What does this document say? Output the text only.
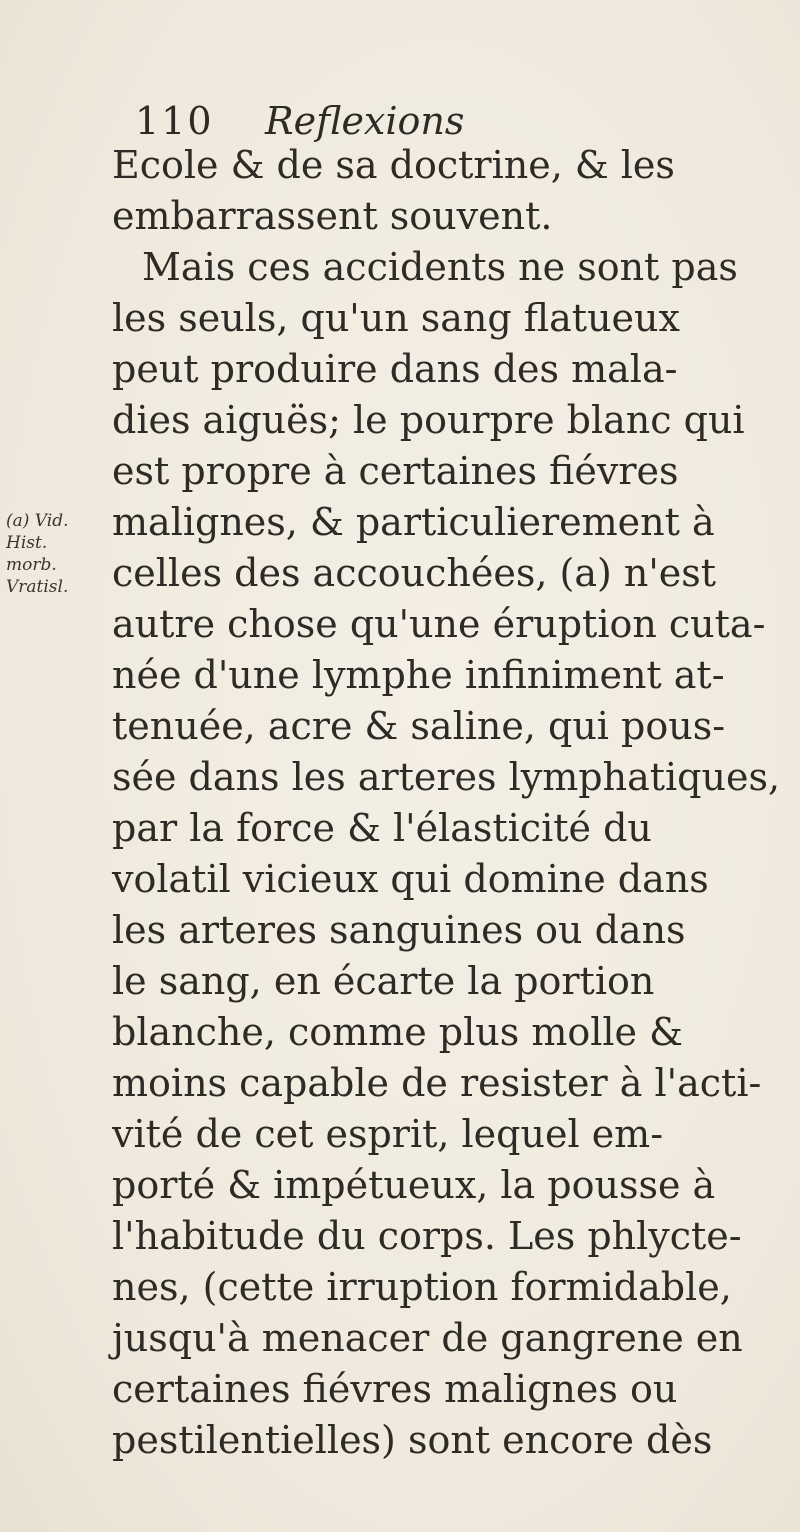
110 Reflexions
(a) Vid.
Hist.
morb.
Vratisl.
Ecole & de sa doctrine, & les
embarrassent souvent.
Mais ces accidents ne sont pas
les seuls, qu'un sang flatueux
peut produire dans des mala-
dies aiguës; le pourpre blanc qui
est propre à certaines fiévres
malignes, & particulierement à
celles des accouchées, (a) n'est
autre chose qu'une éruption cuta-
née d'une lymphe infiniment at-
tenuée, acre & saline, qui pous-
sée dans les arteres lymphatiques,
par la force & l'élasticité du
volatil vicieux qui domine dans
les arteres sanguines ou dans
le sang, en écarte la portion
blanche, comme plus molle &
moins capable de resister à l'acti-
vité de cet esprit, lequel em-
porté & impétueux, la pousse à
l'habitude du corps. Les phlycte-
nes, (cette irruption formidable,
jusqu'à menacer de gangrene en
certaines fiévres malignes ou
pestilentielles) sont encore dès
